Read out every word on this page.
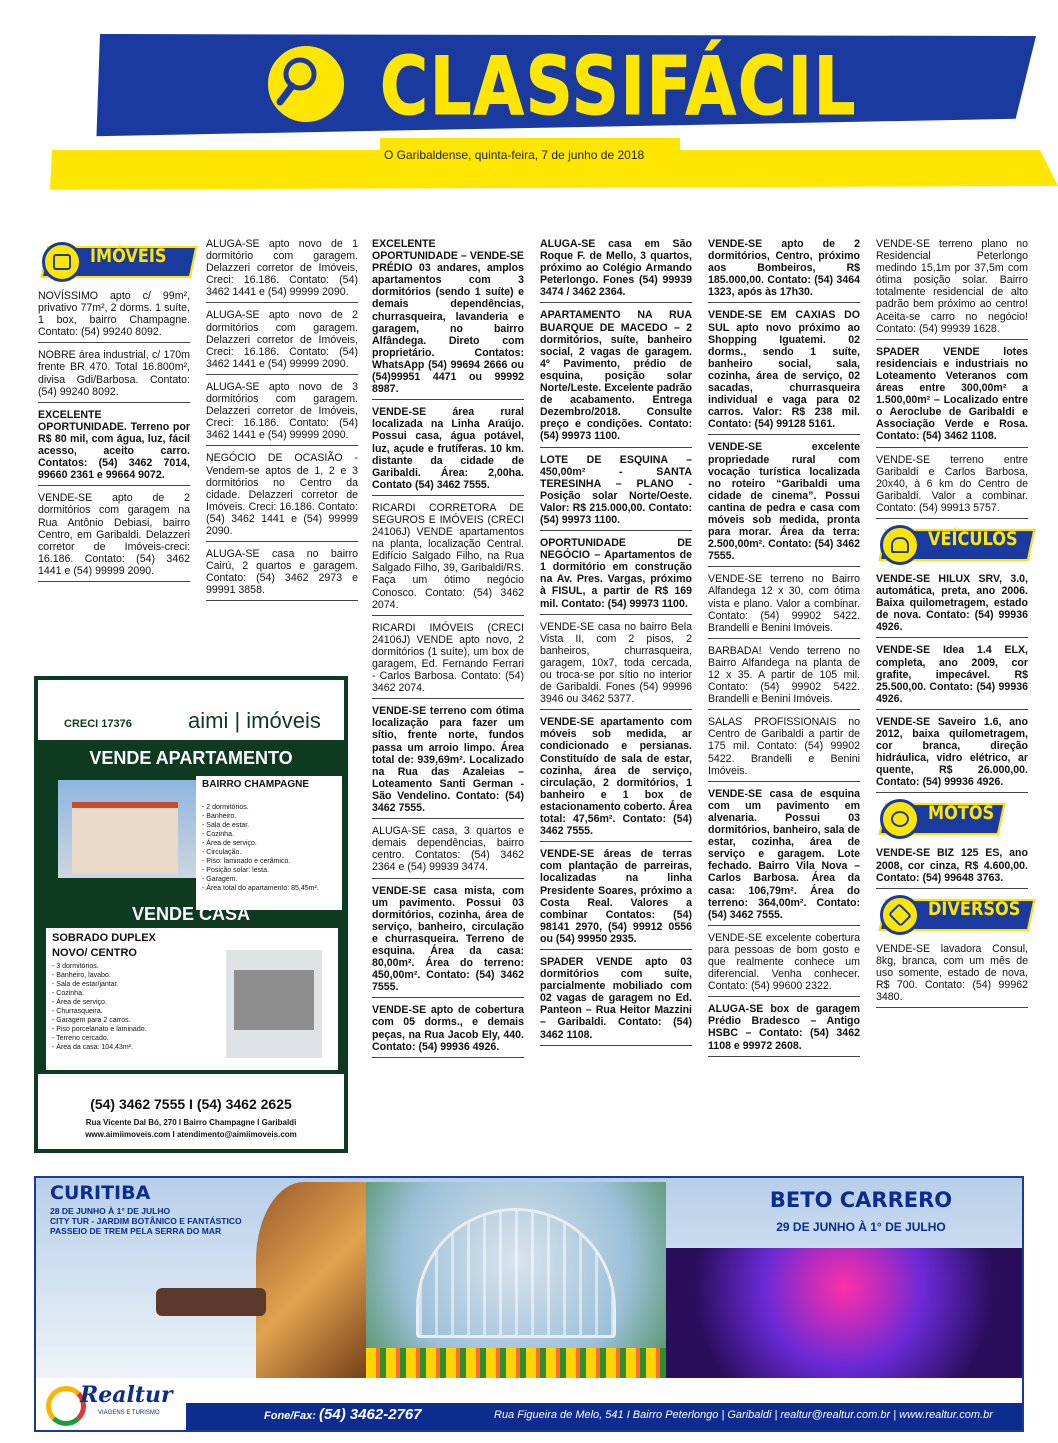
CLASSIFÁCIL
O Garibaldense, quinta-feira, 7 de junho de 2018
IMÓVEIS
NOVÍSSIMO apto c/ 99m², privativo 77m², 2 dorms. 1 suíte, 1 box, bairro Champagne. Contato: (54) 99240 8092.
NOBRE área industrial, c/ 170m frente BR 470. Total 16.800m², divisa Gdi/Barbosa. Contato: (54) 99240 8092.
EXCELENTE OPORTUNIDADE. Terreno por R$ 80 mil, com água, luz, fácil acesso, aceito carro. Contatos: (54) 3462 7014, 99660 2361 e 99664 9072.
VENDE-SE apto de 2 dormitórios com garagem na Rua Antônio Debiasi, bairro Centro, em Garibaldi. Delazzeri corretor de Imóveis-creci: 16.186. Contato: (54) 3462 1441 e (54) 99999 2090.
ALUGA-SE apto novo de 1 dormitório com garagem. Delazzeri corretor de Imóveis, Creci: 16.186. Contato: (54) 3462 1441 e (54) 99999 2090.
ALUGA-SE apto novo de 2 dormitórios com garagem. Delazzeri corretor de Imóveis, Creci: 16.186. Contato: (54) 3462 1441 e (54) 99999 2090.
ALUGA-SE apto novo de 3 dormitórios com garagem. Delazzeri corretor de Imóveis, Creci: 16.186. Contato: (54) 3462 1441 e (54) 99999 2090.
NEGÓCIO DE OCASIÃO - Vendem-se aptos de 1, 2 e 3 dormitórios no Centro da cidade. Delazzeri corretor de Imóveis. Creci: 16.186. Contato: (54) 3462 1441 e (54) 99999 2090.
ALUGA-SE casa no bairro Cairú, 2 quartos e garagem. Contato: (54) 3462 2973 e 99991 3858.
EXCELENTE OPORTUNIDADE – VENDE-SE PRÉDIO 03 andares, amplos apartamentos com 3 dormitórios (sendo 1 suíte) e demais dependências, churrasqueira, lavanderia e garagem, no bairro Alfândega. Direto com proprietário. Contatos: WhatsApp (54) 99694 2666 ou (54)99951 4471 ou 99992 8987.
VENDE-SE área rural localizada na Linha Araújo. Possui casa, água potável, luz, açude e frutíferas. 10 km. distante da cidade de Garibaldi. Área: 2,00ha. Contato (54) 3462 7555.
RICARDI CORRETORA DE SEGUROS E IMÓVEIS (CRECI 24106J) VENDE apartamentos na planta, localização Central. Edifício Salgado Filho, na Rua Salgado Filho, 39, Garibaldi/RS. Faça um ótimo negócio Conosco. Contato: (54) 3462 2074.
RICARDI IMÓVEIS (CRECI 24106J) VENDE apto novo, 2 dormitórios (1 suíte), um box de garagem, Ed. Fernando Ferrari - Carlos Barbosa. Contato: (54) 3462 2074.
VENDE-SE terreno com ótima localização para fazer um sítio, frente norte, fundos passa um arroio limpo. Área total de: 939,69m². Localizado na Rua das Azaleias – Loteamento Santi German - São Vendelino. Contato: (54) 3462 7555.
ALUGA-SE casa, 3 quartos e demais dependências, bairro centro. Contatos: (54) 3462 2364 e (54) 99939 3474.
VENDE-SE casa mista, com um pavimento. Possui 03 dormitórios, cozinha, área de serviço, banheiro, circulação e churrasqueira. Terreno de esquina. Área da casa: 80,00m². Área do terreno: 450,00m². Contato: (54) 3462 7555.
VENDE-SE apto de cobertura com 05 dorms., e demais peças, na Rua Jacob Ely, 440. Contato: (54) 99936 4926.
ALUGA-SE casa em São Roque F. de Mello, 3 quartos, próximo ao Colégio Armando Peterlongo. Fones (54) 99939 3474 / 3462 2364.
APARTAMENTO NA RUA BUARQUE DE MACEDO – 2 dormitórios, suíte, banheiro social, 2 vagas de garagem. 4º Pavimento, prédio de esquina, posição solar Norte/Leste. Excelente padrão de acabamento. Entrega Dezembro/2018. Consulte preço e condições. Contato: (54) 99973 1100.
LOTE DE ESQUINA – 450,00m² - SANTA TERESINHA – PLANO - Posição solar Norte/Oeste. Valor: R$ 215.000,00. Contato: (54) 99973 1100.
OPORTUNIDADE DE NEGÓCIO – Apartamentos de 1 dormitório em construção na Av. Pres. Vargas, próximo à FISUL, a partir de R$ 169 mil. Contato: (54) 99973 1100.
VENDE-SE casa no bairro Bela Vista II, com 2 pisos, 2 banheiros, churrasqueira, garagem, 10x7, toda cercada, ou troca-se por sítio no interior de Garibaldi. Fones (54) 99996 3946 ou 3462 5377.
VENDE-SE apartamento com móveis sob medida, ar condicionado e persianas. Constituído de sala de estar, cozinha, área de serviço, circulação, 2 dormitórios, 1 banheiro e 1 box de estacionamento coberto. Área total: 47,56m². Contato: (54) 3462 7555.
VENDE-SE áreas de terras com plantação de parreiras, localizadas na linha Presidente Soares, próximo a Costa Real. Valores a combinar Contatos: (54) 98141 2970, (54) 99912 0556 ou (54) 99950 2935.
SPADER VENDE apto 03 dormitórios com suíte, parcialmente mobiliado com 02 vagas de garagem no Ed. Panteon – Rua Heitor Mazzini – Garibaldi. Contato: (54) 3462 1108.
VENDE-SE apto de 2 dormitórios, Centro, próximo aos Bombeiros, R$ 185.000,00. Contato: (54) 3464 1323, após às 17h30.
VENDE-SE EM CAXIAS DO SUL apto novo próximo ao Shopping Iguatemi. 02 dorms., sendo 1 suíte, banheiro social, sala, cozinha, área de serviço, 02 sacadas, churrasqueira individual e vaga para 02 carros. Valor: R$ 238 mil. Contato: (54) 99128 5161.
VENDE-SE excelente propriedade rural com vocação turística localizada no roteiro “Garibaldi uma cidade de cinema”. Possui cantina de pedra e casa com móveis sob medida, pronta para morar. Área da terra: 2.500,00m². Contato: (54) 3462 7555.
VENDE-SE terreno no Bairro Alfandega 12 x 30, com ótima vista e plano. Valor a combinar. Contato: (54) 99902 5422. Brandelli e Benini Imóveis.
BARBADA! Vendo terreno no Bairro Alfandega na planta de 12 x 35. A partir de 105 mil. Contato: (54) 99902 5422. Brandelli e Benini Imóveis.
SALAS PROFISSIONAIS no Centro de Garibaldi a partir de 175 mil. Contato: (54) 99902 5422. Brandelli e Benini Imóveis.
VENDE-SE casa de esquina com um pavimento em alvenaria. Possui 03 dormitórios, banheiro, sala de estar, cozinha, área de serviço e garagem. Lote fechado. Bairro Vila Nova – Carlos Barbosa. Área da casa: 106,79m². Área do terreno: 364,00m². Contato: (54) 3462 7555.
VENDE-SE excelente cobertura para pessoas de bom gosto e que realmente conhece um diferencial. Venha conhecer. Contato: (54) 99600 2322.
ALUGA-SE box de garagem Prédio Bradesco – Antigo HSBC – Contato: (54) 3462 1108 e 99972 2608.
VENDE-SE terreno plano no Residencial Peterlongo medindo 15,1m por 37,5m com ótima posição solar. Bairro totalmente residencial de alto padrão bem próximo ao centro! Aceita-se carro no negócio! Contato: (54) 99939 1628.
SPADER VENDE lotes residenciais e industriais no Loteamento Veteranos com áreas entre 300,00m² a 1.500,00m² – Localizado entre o Aeroclube de Garibaldi e Associação Verde e Rosa. Contato: (54) 3462 1108.
VENDE-SE terreno entre Garibaldi e Carlos Barbosa, 20x40, à 6 km do Centro de Garibaldi. Valor a combinar. Contato: (54) 99913 5757.
VEÍCULOS
VENDE-SE HILUX SRV, 3.0, automática, preta, ano 2006. Baixa quilometragem, estado de nova. Contato: (54) 99936 4926.
VENDE-SE Idea 1.4 ELX, completa, ano 2009, cor grafite, impecável. R$ 25.500,00. Contato: (54) 99936 4926.
VENDE-SE Saveiro 1.6, ano 2012, baixa quilometragem, cor branca, direção hidráulica, vidro elétrico, ar quente, R$ 26.000,00. Contato: (54) 99936 4926.
MOTOS
VENDE-SE BIZ 125 ES, ano 2008, cor cinza, R$ 4.600,00. Contato: (54) 99648 3763.
DIVERSOS
VENDE-SE lavadora Consul, 8kg, branca, com um mês de uso somente, estado de nova, R$ 700. Contato: (54) 99962 3480.
CRECI 17376	aimi | imóveis
VENDE APARTAMENTO
BAIRRO CHAMPAGNE
- 2 dormitórios.
- Banheiro.
- Sala de estar.
- Cozinha.
- Área de serviço.
- Circulação.
- Piso: laminado e cerâmico.
- Posição solar: lesta.
- Garagem.
- Área total do apartamento: 85,45m².
VENDE CASA
SOBRADO DUPLEX
NOVO/ CENTRO
- 3 dormitórios.
- Banheiro, lavabo.
- Sala de estar/jantar.
- Cozinha.
- Área de serviço.
- Churrasqueira.
- Garagem para 2 carros.
- Piso porcelanato e laminado.
- Terreno cercado.
- Área da casa: 104,43m².
(54) 3462 7555 I (54) 3462 2625
Rua Vicente Dal Bó, 270 I Bairro Champagne I Garibaldi
www.aimiimoveis.com I atendimento@aimiimoveis.com
CURITIBA
28 DE JUNHO À 1° DE JULHO
CITY TUR - JARDIM BOTÂNICO E FANTÁSTICO
PASSEIO DE TREM PELA SERRA DO MAR
BETO CARRERO
29 DE JUNHO À 1° DE JULHO
Fone/Fax: (54) 3462-2767	Rua Figueira de Melo, 541 I Bairro Peterlongo | Garibaldi | realtur@realtur.com.br | www.realtur.com.br
Realtur
VIAGENS E TURISMO
